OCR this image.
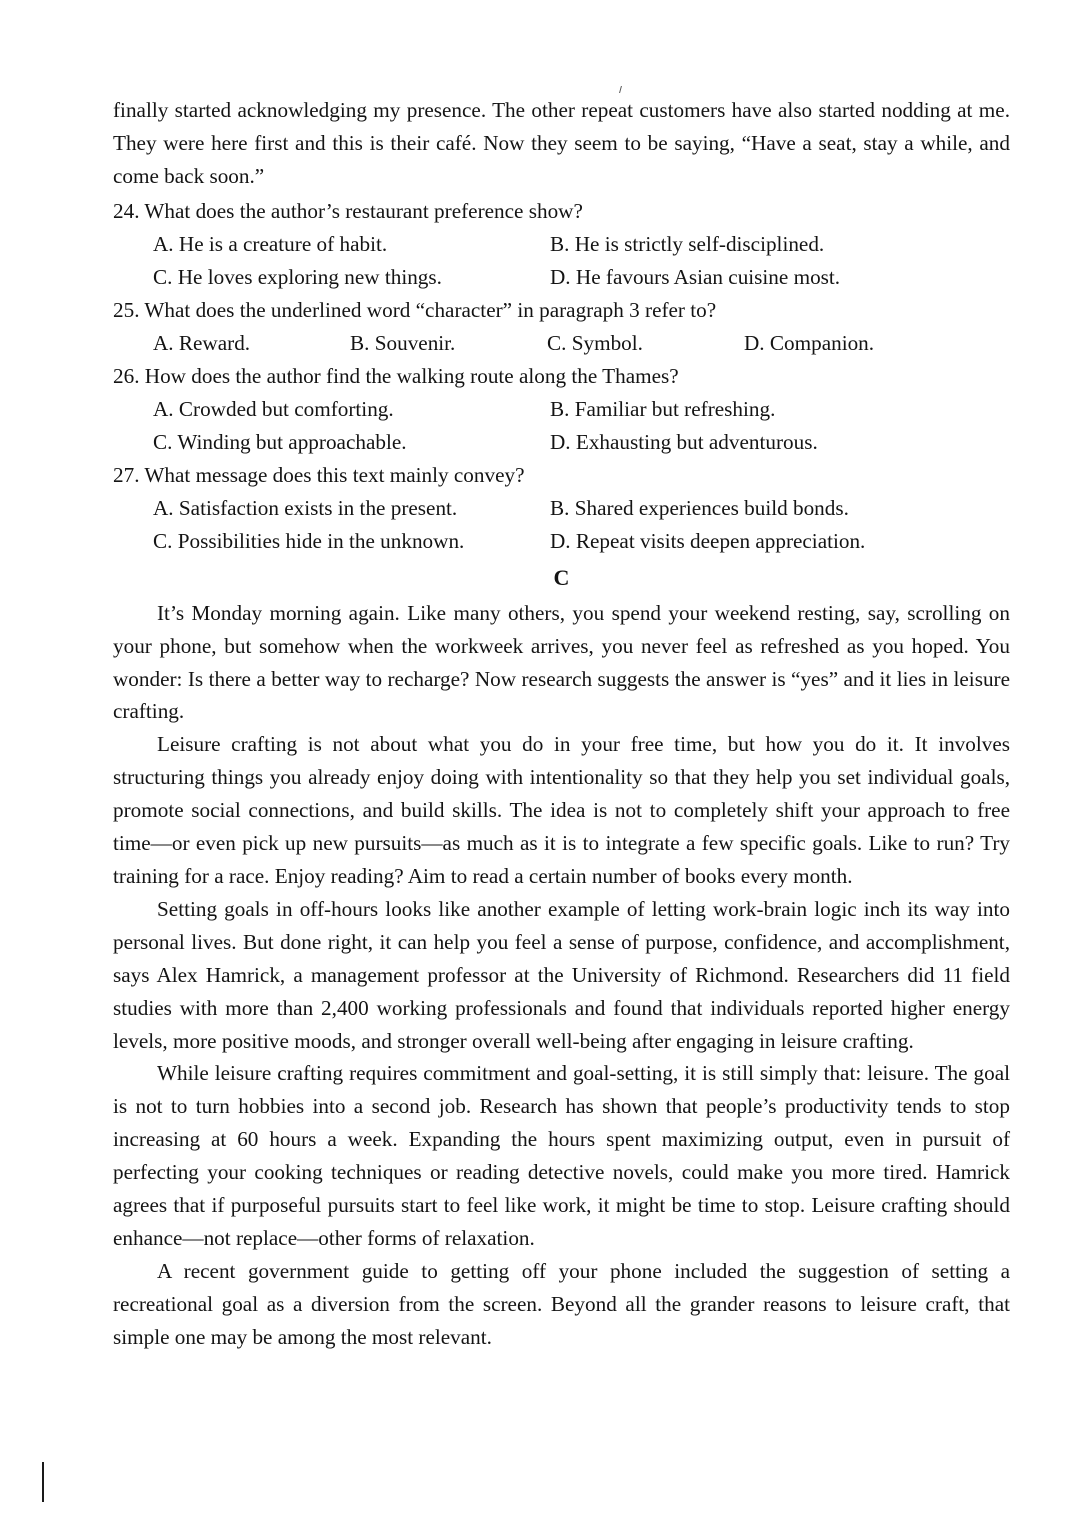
finally started acknowledging my presence. The other repeat customers have also started nodding at me. They were here first and this is their café. Now they seem to be saying, “Have a seat, stay a while, and come back soon.”

24. What does the author’s restaurant preference show?
A. He is a creature of habit.	B. He is strictly self-disciplined.
C. He loves exploring new things.	D. He favours Asian cuisine most.
25. What does the underlined word “character” in paragraph 3 refer to?
A. Reward.	B. Souvenir.	C. Symbol.	D. Companion.
26. How does the author find the walking route along the Thames?
A. Crowded but comforting.	B. Familiar but refreshing.
C. Winding but approachable.	D. Exhausting but adventurous.
27. What message does this text mainly convey?
A. Satisfaction exists in the present.	B. Shared experiences build bonds.
C. Possibilities hide in the unknown.	D. Repeat visits deepen appreciation.
C

It’s Monday morning again. Like many others, you spend your weekend resting, say, scrolling on your phone, but somehow when the workweek arrives, you never feel as refreshed as you hoped. You wonder: Is there a better way to recharge? Now research suggests the answer is “yes” and it lies in leisure crafting.

Leisure crafting is not about what you do in your free time, but how you do it. It involves structuring things you already enjoy doing with intentionality so that they help you set individual goals, promote social connections, and build skills. The idea is not to completely shift your approach to free time—or even pick up new pursuits—as much as it is to integrate a few specific goals. Like to run? Try training for a race. Enjoy reading? Aim to read a certain number of books every month.

Setting goals in off-hours looks like another example of letting work-brain logic inch its way into personal lives. But done right, it can help you feel a sense of purpose, confidence, and accomplishment, says Alex Hamrick, a management professor at the University of Richmond. Researchers did 11 field studies with more than 2,400 working professionals and found that individuals reported higher energy levels, more positive moods, and stronger overall well-being after engaging in leisure crafting.

While leisure crafting requires commitment and goal-setting, it is still simply that: leisure. The goal is not to turn hobbies into a second job. Research has shown that people’s productivity tends to stop increasing at 60 hours a week. Expanding the hours spent maximizing output, even in pursuit of perfecting your cooking techniques or reading detective novels, could make you more tired. Hamrick agrees that if purposeful pursuits start to feel like work, it might be time to stop. Leisure crafting should enhance—not replace—other forms of relaxation.

A recent government guide to getting off your phone included the suggestion of setting a recreational goal as a diversion from the screen. Beyond all the grander reasons to leisure craft, that simple one may be among the most relevant.
